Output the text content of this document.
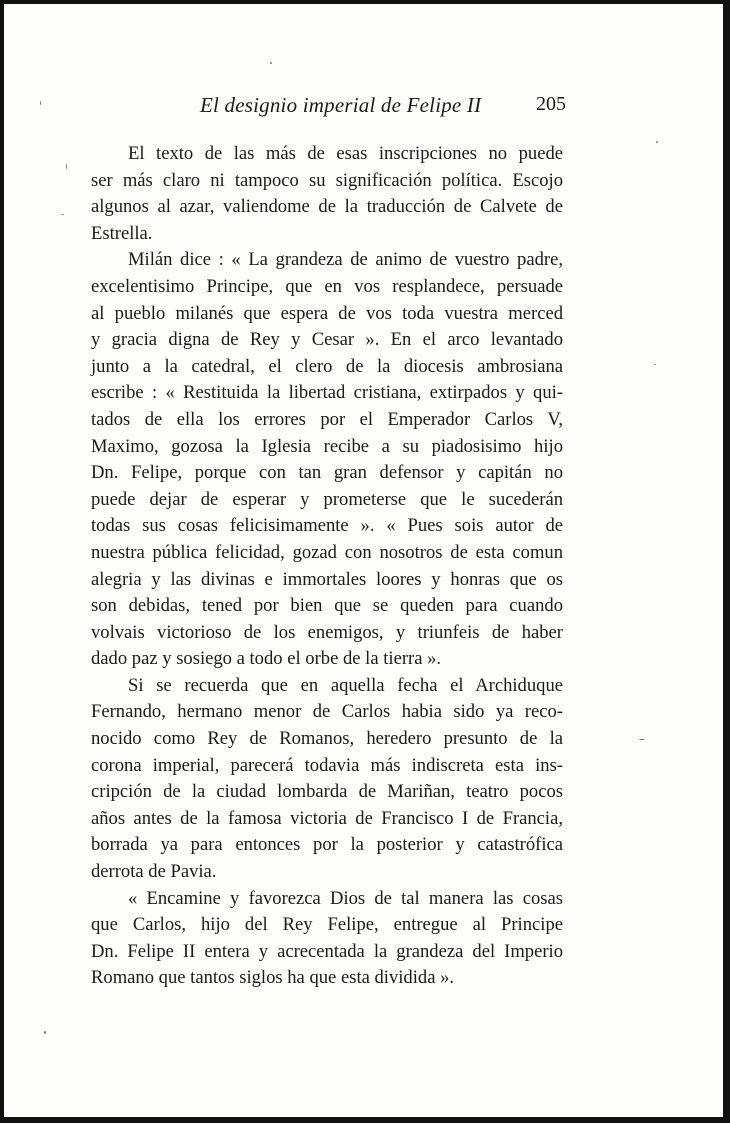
El designio imperial de Felipe II	205
El texto de las más de esas inscripciones no puede
ser más claro ni tampoco su significación política. Escojo
algunos al azar, valiendome de la traducción de Calvete de
Estrella.
Milán dice : « La grandeza de animo de vuestro padre,
excelentisimo Principe, que en vos resplandece, persuade
al pueblo milanés que espera de vos toda vuestra merced
y gracia digna de Rey y Cesar ». En el arco levantado
junto a la catedral, el clero de la diocesis ambrosiana
escribe : « Restituida la libertad cristiana, extirpados y qui-
tados de ella los errores por el Emperador Carlos V,
Maximo, gozosa la Iglesia recibe a su piadosisimo hijo
Dn. Felipe, porque con tan gran defensor y capitán no
puede dejar de esperar y prometerse que le sucederán
todas sus cosas felicisimamente ». « Pues sois autor de
nuestra pública felicidad, gozad con nosotros de esta comun
alegria y las divinas e immortales loores y honras que os
son debidas, tened por bien que se queden para cuando
volvais victorioso de los enemigos, y triunfeis de haber
dado paz y sosiego a todo el orbe de la tierra ».
Si se recuerda que en aquella fecha el Archiduque
Fernando, hermano menor de Carlos habia sido ya reco-
nocido como Rey de Romanos, heredero presunto de la
corona imperial, parecerá todavia más indiscreta esta ins-
cripción de la ciudad lombarda de Mariñan, teatro pocos
años antes de la famosa victoria de Francisco I de Francia,
borrada ya para entonces por la posterior y catastrófica
derrota de Pavia.
« Encamine y favorezca Dios de tal manera las cosas
que Carlos, hijo del Rey Felipe, entregue al Principe
Dn. Felipe II entera y acrecentada la grandeza del Imperio
Romano que tantos siglos ha que esta dividida ».
